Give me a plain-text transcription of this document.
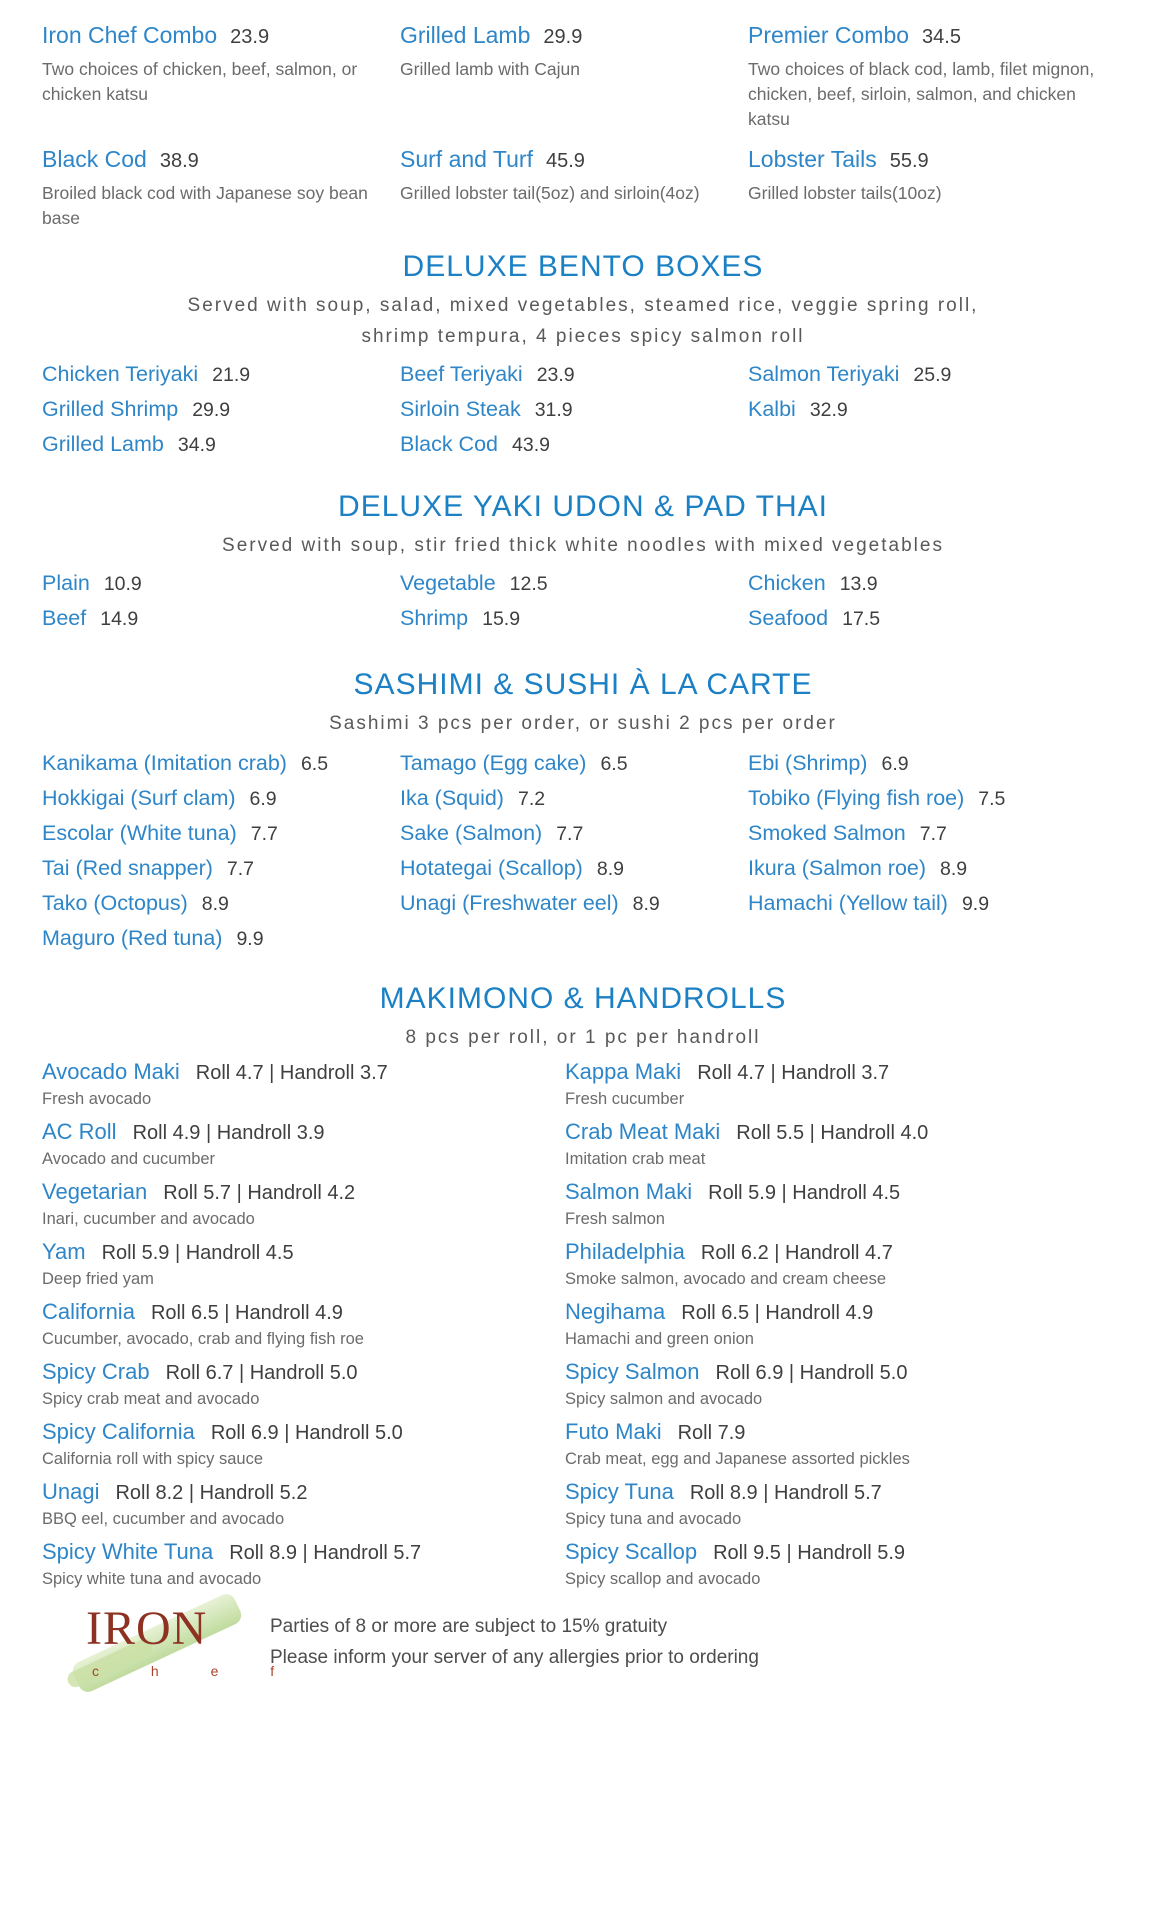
Iron Chef Combo 23.9
Two choices of chicken, beef, salmon, or chicken katsu
Grilled Lamb 29.9
Grilled lamb with Cajun
Premier Combo 34.5
Two choices of black cod, lamb, filet mignon, chicken, beef, sirloin, salmon, and chicken katsu
Black Cod 38.9
Broiled black cod with Japanese soy bean base
Surf and Turf 45.9
Grilled lobster tail(5oz) and sirloin(4oz)
Lobster Tails 55.9
Grilled lobster tails(10oz)
DELUXE BENTO BOXES
Served with soup, salad, mixed vegetables, steamed rice, veggie spring roll,
shrimp tempura, 4 pieces spicy salmon roll
Chicken Teriyaki 21.9	Beef Teriyaki 23.9	Salmon Teriyaki 25.9
Grilled Shrimp 29.9	Sirloin Steak 31.9	Kalbi 32.9
Grilled Lamb 34.9	Black Cod 43.9
DELUXE YAKI UDON & PAD THAI
Served with soup, stir fried thick white noodles with mixed vegetables
Plain 10.9	Vegetable 12.5	Chicken 13.9
Beef 14.9	Shrimp 15.9	Seafood 17.5
SASHIMI & SUSHI À LA CARTE
Sashimi 3 pcs per order, or sushi 2 pcs per order
Kanikama (Imitation crab) 6.5	Tamago (Egg cake) 6.5	Ebi (Shrimp) 6.9
Hokkigai (Surf clam) 6.9	Ika (Squid) 7.2	Tobiko (Flying fish roe) 7.5
Escolar (White tuna) 7.7	Sake (Salmon) 7.7	Smoked Salmon 7.7
Tai (Red snapper) 7.7	Hotategai (Scallop) 8.9	Ikura (Salmon roe) 8.9
Tako (Octopus) 8.9	Unagi (Freshwater eel) 8.9	Hamachi (Yellow tail) 9.9
Maguro (Red tuna) 9.9
MAKIMONO & HANDROLLS
8 pcs per roll, or 1 pc per handroll
Avocado Maki Roll 4.7 | Handroll 3.7
Fresh avocado
AC Roll Roll 4.9 | Handroll 3.9
Avocado and cucumber
Vegetarian Roll 5.7 | Handroll 4.2
Inari, cucumber and avocado
Yam Roll 5.9 | Handroll 4.5
Deep fried yam
California Roll 6.5 | Handroll 4.9
Cucumber, avocado, crab and flying fish roe
Spicy Crab Roll 6.7 | Handroll 5.0
Spicy crab meat and avocado
Spicy California Roll 6.9 | Handroll 5.0
California roll with spicy sauce
Unagi Roll 8.2 | Handroll 5.2
BBQ eel, cucumber and avocado
Spicy White Tuna Roll 8.9 | Handroll 5.7
Spicy white tuna and avocado
Kappa Maki Roll 4.7 | Handroll 3.7
Fresh cucumber
Crab Meat Maki Roll 5.5 | Handroll 4.0
Imitation crab meat
Salmon Maki Roll 5.9 | Handroll 4.5
Fresh salmon
Philadelphia Roll 6.2 | Handroll 4.7
Smoke salmon, avocado and cream cheese
Negihama Roll 6.5 | Handroll 4.9
Hamachi and green onion
Spicy Salmon Roll 6.9 | Handroll 5.0
Spicy salmon and avocado
Futo Maki Roll 7.9
Crab meat, egg and Japanese assorted pickles
Spicy Tuna Roll 8.9 | Handroll 5.7
Spicy tuna and avocado
Spicy Scallop Roll 9.5 | Handroll 5.9
Spicy scallop and avocado
IRON
c h e f
Parties of 8 or more are subject to 15% gratuity
Please inform your server of any allergies prior to ordering
